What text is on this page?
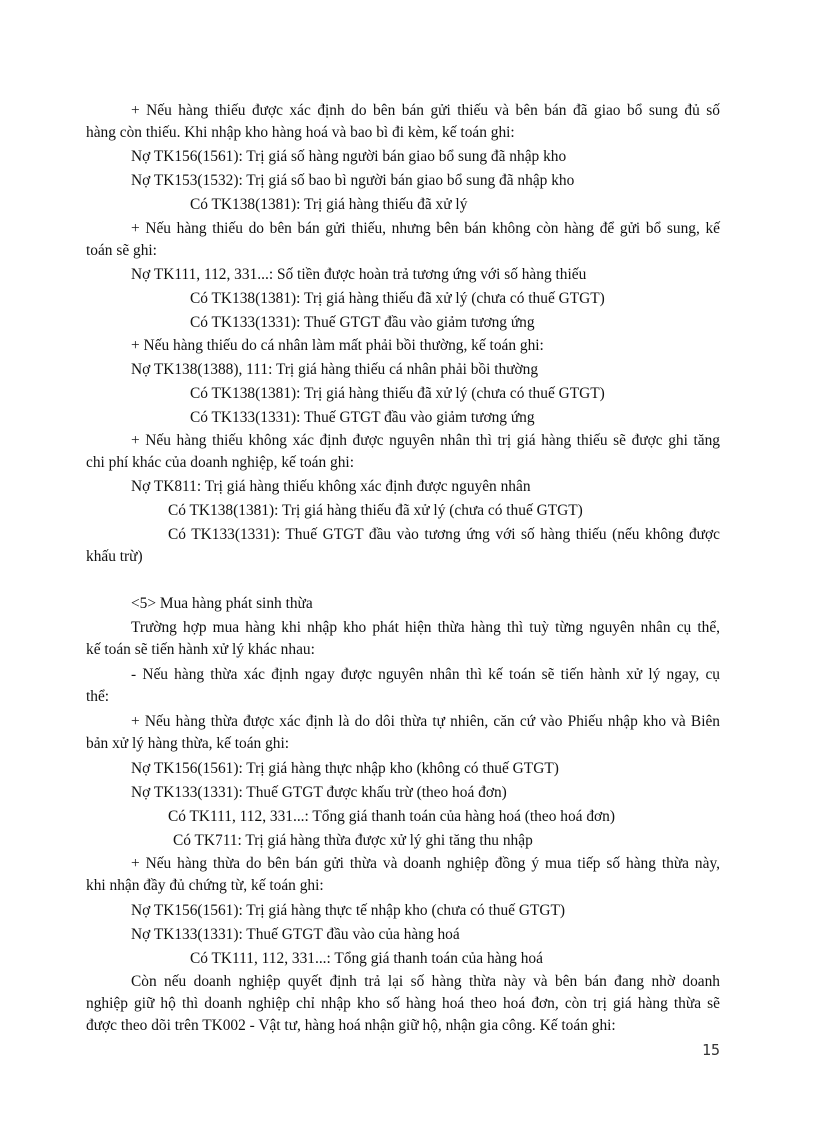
+ Nếu hàng thiếu được xác định do bên bán gửi thiếu và bên bán đã giao bổ sung đủ số
hàng còn thiếu. Khi nhập kho hàng hoá và bao bì đi kèm, kế toán ghi:
Nợ TK156(1561): Trị giá số hàng người bán giao bổ sung đã nhập kho
Nợ TK153(1532): Trị giá số bao bì người bán giao bổ sung đã nhập kho
Có TK138(1381): Trị giá hàng thiếu đã xử lý
+ Nếu hàng thiếu do bên bán gửi thiếu, nhưng bên bán không còn hàng để gửi bổ sung, kế
toán sẽ ghi:
Nợ TK111, 112, 331...: Số tiền được hoàn trả tương ứng với số hàng thiếu
Có TK138(1381): Trị giá hàng thiếu đã xử lý (chưa có thuế GTGT)
Có TK133(1331): Thuế GTGT đầu vào giảm tương ứng
+ Nếu hàng thiếu do cá nhân làm mất phải bồi thường, kế toán ghi:
Nợ TK138(1388), 111: Trị giá hàng thiếu cá nhân phải bồi thường
Có TK138(1381): Trị giá hàng thiếu đã xử lý (chưa có thuế GTGT)
Có TK133(1331): Thuế GTGT đầu vào giảm tương ứng
+ Nếu hàng thiếu không xác định được nguyên nhân thì trị giá hàng thiếu sẽ được ghi tăng
chi phí khác của doanh nghiệp, kế toán ghi:
Nợ TK811: Trị giá hàng thiếu không xác định được nguyên nhân
Có TK138(1381): Trị giá hàng thiếu đã xử lý (chưa có thuế GTGT)
Có TK133(1331): Thuế GTGT đầu vào tương ứng với số hàng thiếu (nếu không được
khấu trừ)
<5> Mua hàng phát sinh thừa
Trường hợp mua hàng khi nhập kho phát hiện thừa hàng thì tuỳ từng nguyên nhân cụ thể,
kế toán sẽ tiến hành xử lý khác nhau:
- Nếu hàng thừa xác định ngay được nguyên nhân thì kế toán sẽ tiến hành xử lý ngay, cụ
thể:
+ Nếu hàng thừa được xác định là do dôi thừa tự nhiên, căn cứ vào Phiếu nhập kho và Biên
bản xử lý hàng thừa, kế toán ghi:
Nợ TK156(1561): Trị giá hàng thực nhập kho (không có thuế GTGT)
Nợ TK133(1331): Thuế GTGT được khấu trừ (theo hoá đơn)
Có TK111, 112, 331...: Tổng giá thanh toán của hàng hoá (theo hoá đơn)
Có TK711: Trị giá hàng thừa được xử lý ghi tăng thu nhập
+ Nếu hàng thừa do bên bán gửi thừa và doanh nghiệp đồng ý mua tiếp số hàng thừa này,
khi nhận đầy đủ chứng từ, kế toán ghi:
Nợ TK156(1561): Trị giá hàng thực tế nhập kho (chưa có thuế GTGT)
Nợ TK133(1331): Thuế GTGT đầu vào của hàng hoá
Có TK111, 112, 331...: Tổng giá thanh toán của hàng hoá
Còn nếu doanh nghiệp quyết định trả lại số hàng thừa này và bên bán đang nhờ doanh
nghiệp giữ hộ thì doanh nghiệp chỉ nhập kho số hàng hoá theo hoá đơn, còn trị giá hàng thừa sẽ
được theo dõi trên TK002 - Vật tư, hàng hoá nhận giữ hộ, nhận gia công. Kế toán ghi:
15
